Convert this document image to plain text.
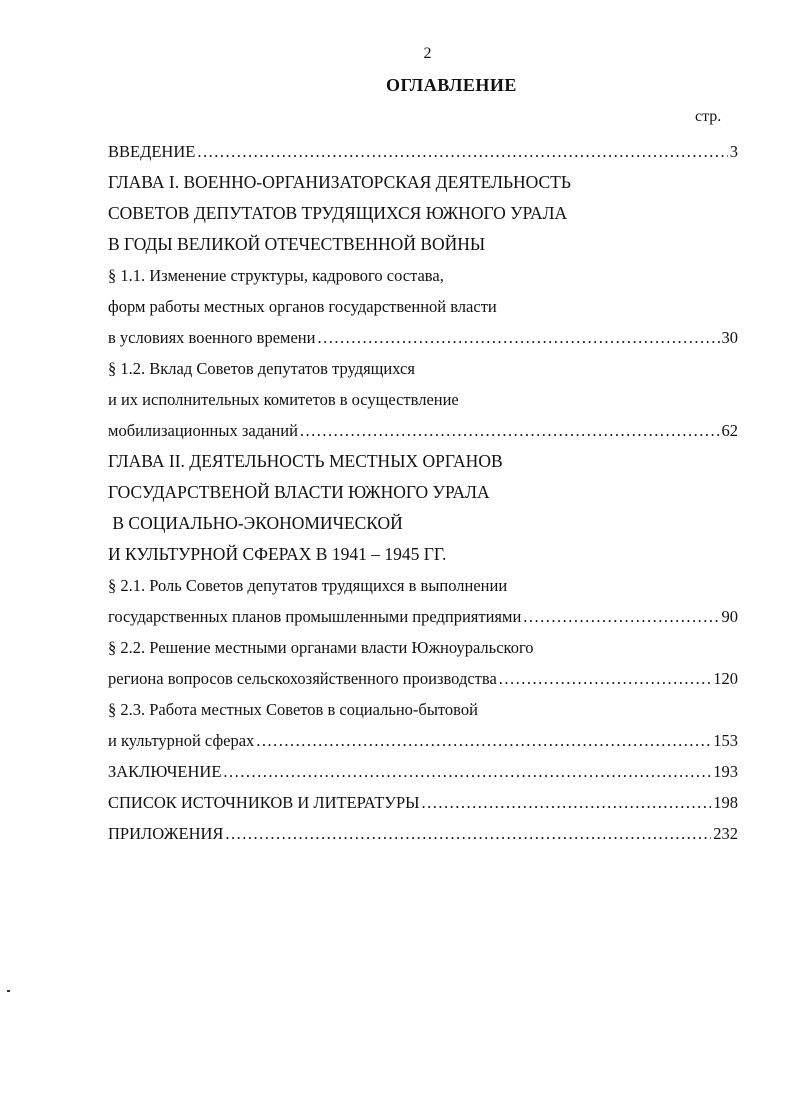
2
ОГЛАВЛЕНИЕ
стр.
ВВЕДЕНИЕ .....	3
ГЛАВА I. ВОЕННО-ОРГАНИЗАТОРСКАЯ ДЕЯТЕЛЬНОСТЬ
СОВЕТОВ ДЕПУТАТОВ ТРУДЯЩИХСЯ ЮЖНОГО УРАЛА
В ГОДЫ ВЕЛИКОЙ ОТЕЧЕСТВЕННОЙ ВОЙНЫ
§ 1.1. Изменение структуры, кадрового состава,
форм работы местных органов государственной власти
в условиях военного времени .....	30
§ 1.2. Вклад Советов депутатов трудящихся
и их исполнительных комитетов в осуществление
мобилизационных заданий .....	62
ГЛАВА II. ДЕЯТЕЛЬНОСТЬ МЕСТНЫХ ОРГАНОВ
ГОСУДАРСТВЕНОЙ ВЛАСТИ ЮЖНОГО УРАЛА
В СОЦИАЛЬНО-ЭКОНОМИЧЕСКОЙ
И КУЛЬТУРНОЙ СФЕРАХ В 1941 – 1945 ГГ.
§ 2.1. Роль Советов депутатов трудящихся в выполнении
государственных планов промышленными предприятиями .....	90
§ 2.2. Решение местными органами власти Южноуральского
региона вопросов сельскохозяйственного производства .....	120
§ 2.3. Работа местных Советов в социально-бытовой
и культурной сферах .....	153
ЗАКЛЮЧЕНИЕ .....	193
СПИСОК ИСТОЧНИКОВ И ЛИТЕРАТУРЫ .....	198
ПРИЛОЖЕНИЯ .....	232
